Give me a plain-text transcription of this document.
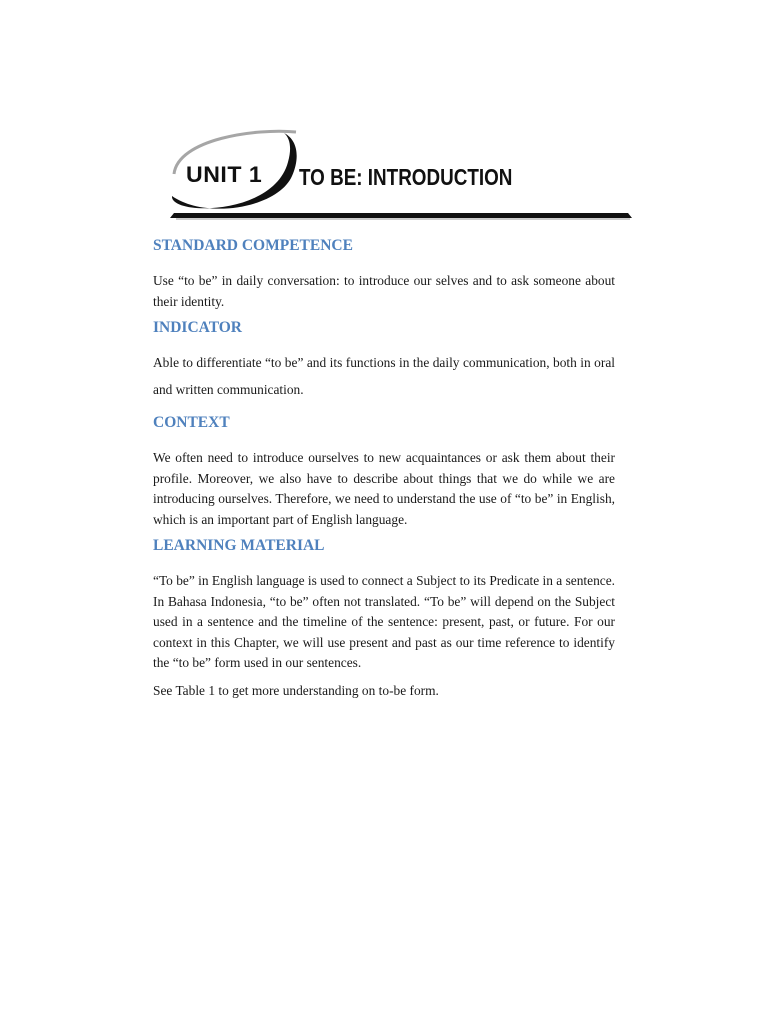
UNIT 1 TO BE: INTRODUCTION
STANDARD COMPETENCE

Use “to be” in daily conversation: to introduce our selves and to ask someone about their identity.

INDICATOR

Able to differentiate “to be” and its functions in the daily communication, both in oral and written communication.

CONTEXT

We often need to introduce ourselves to new acquaintances or ask them about their profile. Moreover, we also have to describe about things that we do while we are introducing ourselves. Therefore, we need to understand the use of “to be” in English, which is an important part of English language.

LEARNING MATERIAL

“To be” in English language is used to connect a Subject to its Predicate in a sentence. In Bahasa Indonesia, “to be” often not translated. “To be” will depend on the Subject used in a sentence and the timeline of the sentence: present, past, or future. For our context in this Chapter, we will use present and past as our time reference to identify the “to be” form used in our sentences.

See Table 1 to get more understanding on to-be form.
